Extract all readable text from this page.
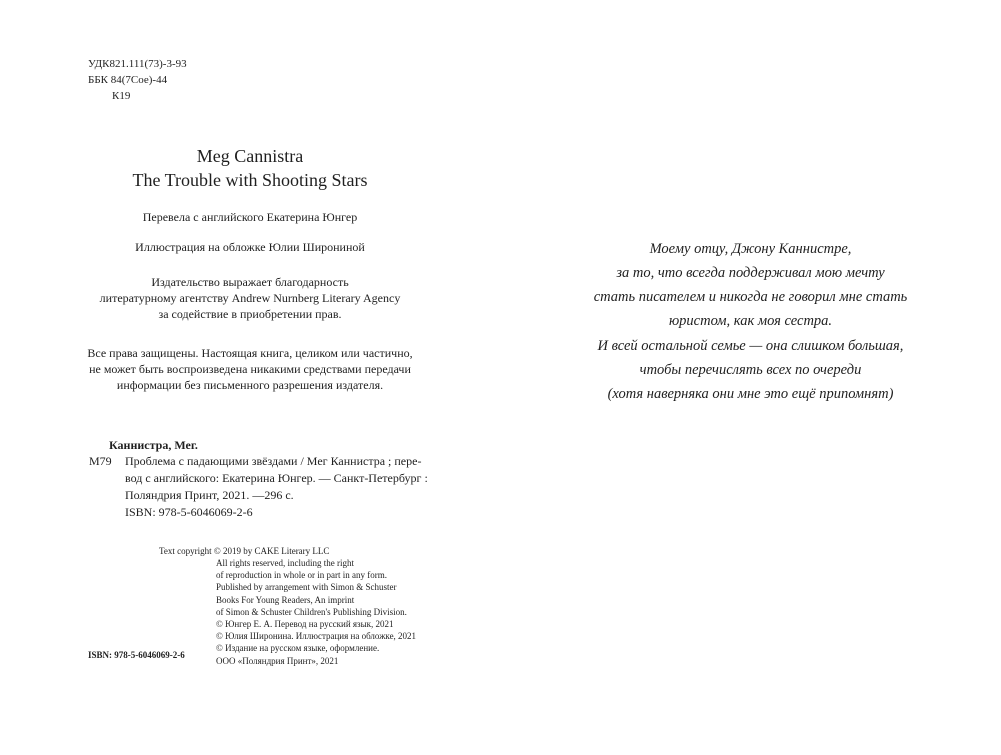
УДК821.111(73)-3-93
ББК 84(7Сое)-44
К19
Meg Cannistra
The Trouble with Shooting Stars
Перевела с английского Екатерина Юнгер
Иллюстрация на обложке Юлии Широниной
Издательство выражает благодарность
литературному агентству Andrew Nurnberg Literary Agency
за содействие в приобретении прав.
Все права защищены. Настоящая книга, целиком или частично,
не может быть воспроизведена никакими средствами передачи
информации без письменного разрешения издателя.
Каннистра, Мег.
М79 Проблема с падающими звёздами / Мег Каннистра ; пере-
вод с английского: Екатерина Юнгер. — Санкт-Петербург :
Поляндрия Принт, 2021. —296 с.
ISBN: 978-5-6046069-2-6
Text copyright © 2019 by CAKE Literary LLC
All rights reserved, including the right
of reproduction in whole or in part in any form.
Published by arrangement with Simon & Schuster
Books For Young Readers, An imprint
of Simon & Schuster Children's Publishing Division.
© Юнгер Е. А. Перевод на русский язык, 2021
© Юлия Широнина. Иллюстрация на обложке, 2021
© Издание на русском языке, оформление.
ООО «Поляндрия Принт», 2021
ISBN: 978-5-6046069-2-6
Моему отцу, Джону Каннистре,
за то, что всегда поддерживал мою мечту
стать писателем и никогда не говорил мне стать
юристом, как моя сестра.
И всей остальной семье — она слишком большая,
чтобы перечислять всех по очереди
(хотя наверняка они мне это ещё припомнят)
